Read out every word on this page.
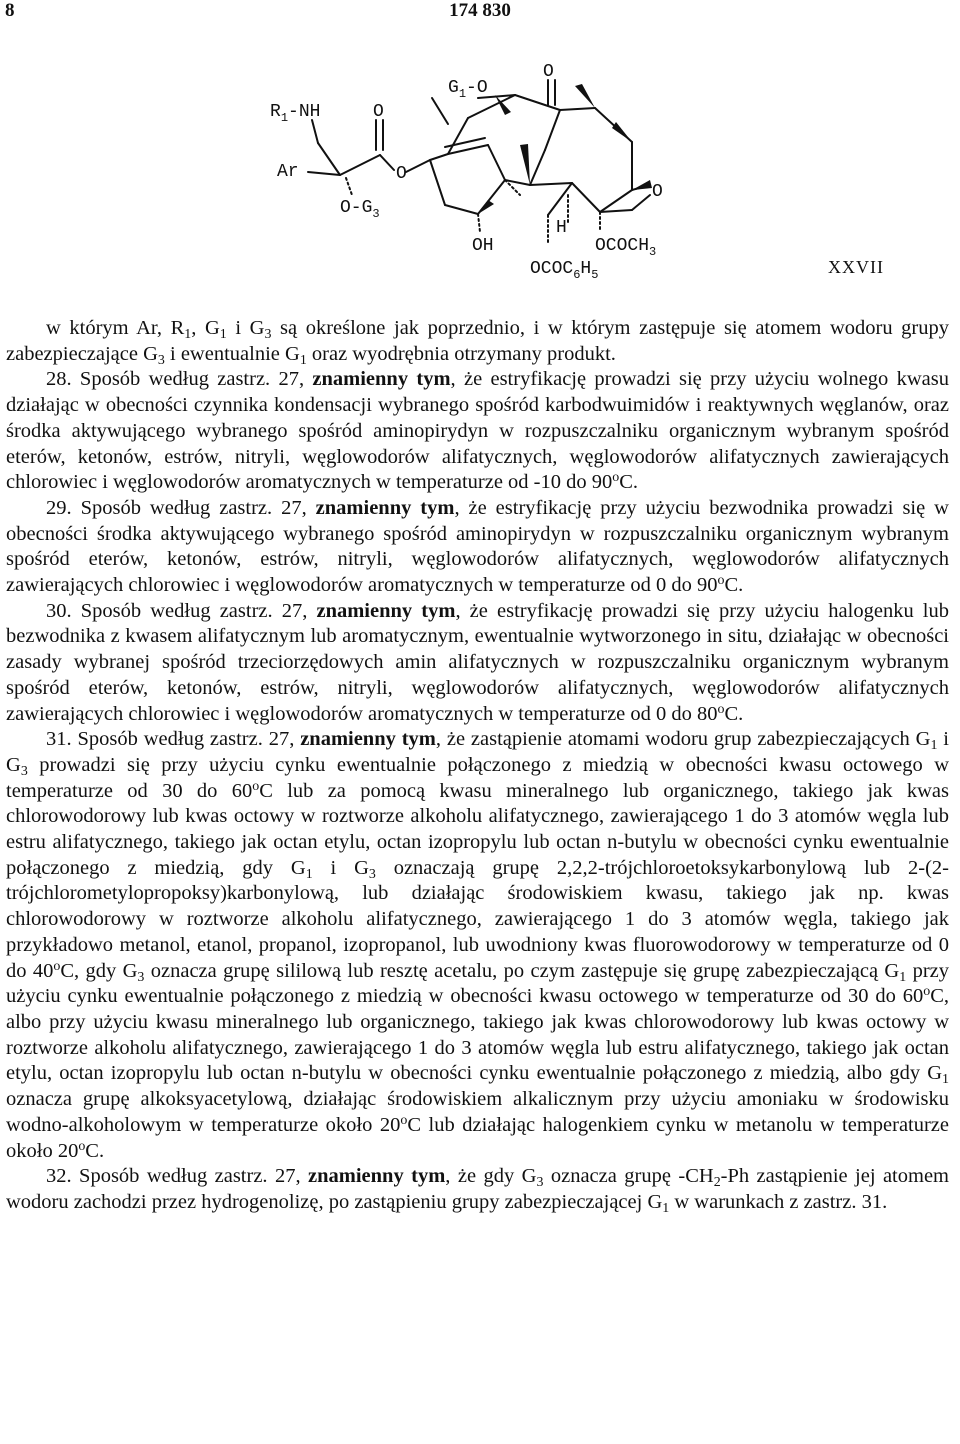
8	174 830
$R_1-NH$
Ar
$O-G_3$
O
O
$G_1-O$
O
O
OH
H
$OCOCH_3$
$OCOC_6H_5$	XXVII

w którym Ar, $R_1$, $G_1$ i $G_3$ są określone jak poprzednio, i w którym zastępuje się atomem wodoru grupy zabezpieczające $G_3$ i ewentualnie $G_1$ oraz wyodrębnia otrzymany produkt.

28. Sposób według zastrz. 27, znamienny tym, że estryfikację prowadzi się przy użyciu wolnego kwasu działając w obecności czynnika kondensacji wybranego spośród karbodwuimidów i reaktywnych węglanów, oraz środka aktywującego wybranego spośród aminopirydyn w rozpuszczalniku organicznym wybranym spośród eterów, ketonów, estrów, nitryli, węglowodorów alifatycznych, węglowodorów alifatycznych zawierających chlorowiec i węglowodorów aromatycznych w temperaturze od -10 do 90$^o$C.

29. Sposób według zastrz. 27, znamienny tym, że estryfikację przy użyciu bezwodnika prowadzi się w obecności środka aktywującego wybranego spośród aminopirydyn w rozpuszczalniku organicznym wybranym spośród eterów, ketonów, estrów, nitryli, węglowodorów alifatycznych, węglowodorów alifatycznych zawierających chlorowiec i węglowodorów aromatycznych w temperaturze od 0 do 90$^o$C.

30. Sposób według zastrz. 27, znamienny tym, że estryfikację prowadzi się przy użyciu halogenku lub bezwodnika z kwasem alifatycznym lub aromatycznym, ewentualnie wytworzonego in situ, działając w obecności zasady wybranej spośród trzeciorzędowych amin alifatycznych w rozpuszczalniku organicznym wybranym spośród eterów, ketonów, estrów, nitryli, węglowodorów alifatycznych, węglowodorów alifatycznych zawierających chlorowiec i węglowodorów aromatycznych w temperaturze od 0 do 80$^o$C.

31. Sposób według zastrz. 27, znamienny tym, że zastąpienie atomami wodoru grup zabezpieczających $G_1$ i $G_3$ prowadzi się przy użyciu cynku ewentualnie połączonego z miedzią w obecności kwasu octowego w temperaturze od 30 do 60$^o$C lub za pomocą kwasu mineralnego lub organicznego, takiego jak kwas chlorowodorowy lub kwas octowy w roztworze alkoholu alifatycznego, zawierającego 1 do 3 atomów węgla lub estru alifatycznego, takiego jak octan etylu, octan izopropylu lub octan n-butylu w obecności cynku ewentualnie połączonego z miedzią, gdy $G_1$ i $G_3$ oznaczają grupę 2,2,2-trójchloroetoksykarbonylową lub 2-(2-trójchlorometylopropoksy)karbonylową, lub działając środowiskiem kwasu, takiego jak np. kwas chlorowodorowy w roztworze alkoholu alifatycznego, zawierającego 1 do 3 atomów węgla, takiego jak przykładowo metanol, etanol, propanol, izopropanol, lub uwodniony kwas fluorowodorowy w temperaturze od 0 do 40$^o$C, gdy $G_3$ oznacza grupę sililową lub resztę acetalu, po czym zastępuje się grupę zabezpieczającą $G_1$ przy użyciu cynku ewentualnie połączonego z miedzią w obecności kwasu octowego w temperaturze od 30 do 60$^o$C, albo przy użyciu kwasu mineralnego lub organicznego, takiego jak kwas chlorowodorowy lub kwas octowy w roztworze alkoholu alifatycznego, zawierającego 1 do 3 atomów węgla lub estru alifatycznego, takiego jak octan etylu, octan izopropylu lub octan n-butylu w obecności cynku ewentualnie połączonego z miedzią, albo gdy $G_1$ oznacza grupę alkoksyacetylową, działając środowiskiem alkalicznym przy użyciu amoniaku w środowisku wodno-alkoholowym w temperaturze około 20$^o$C lub działając halogenkiem cynku w metanolu w temperaturze około 20$^o$C.

32. Sposób według zastrz. 27, znamienny tym, że gdy $G_3$ oznacza grupę $-CH_2-Ph$ zastąpienie jej atomem wodoru zachodzi przez hydrogenolizę, po zastąpieniu grupy zabezpieczającej $G_1$ w warunkach z zastrz. 31.
